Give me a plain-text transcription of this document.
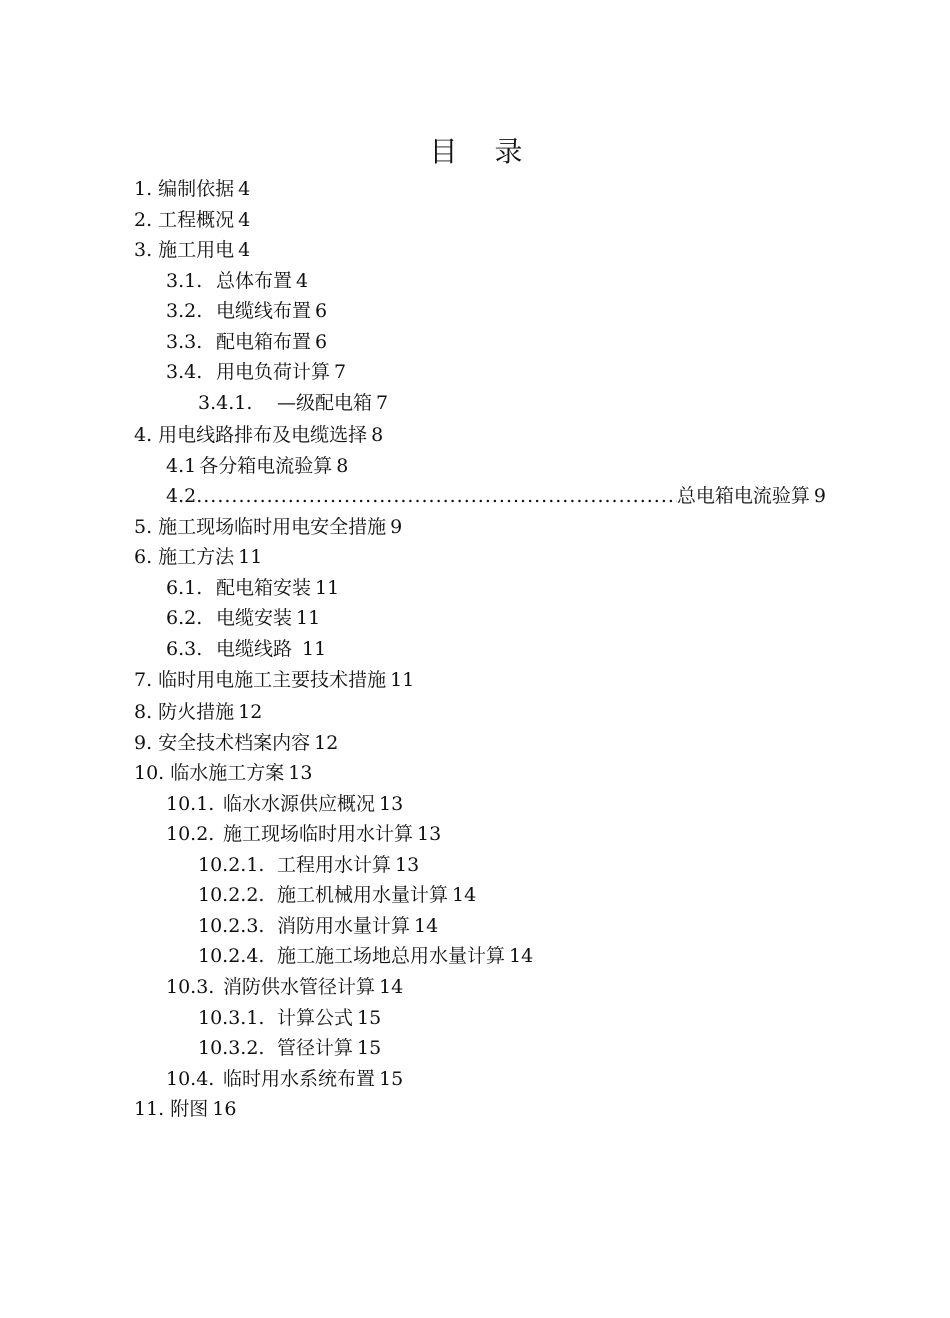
目 录
1. 编制依据 4
2. 工程概况 4
3. 施工用电 4
3.1. 总体布置 4
3.2. 电缆线布置 6
3.3. 配电箱布置 6
3.4. 用电负荷计算 7
3.4.1. —级配电箱 7
4. 用电线路排布及电缆选择 8
4.1 各分箱电流验算 8
4.2
.....	总电箱电流验算 9
5. 施工现场临时用电安全措施 9
6. 施工方法 11
6.1. 配电箱安装 11
6.2. 电缆安装 11
6.3. 电缆线路 11
7. 临时用电施工主要技术措施 11
8. 防火措施 12
9. 安全技术档案内容 12
10. 临水施工方案 13
10.1. 临水水源供应概况 13
10.2. 施工现场临时用水计算 13
10.2.1. 工程用水计算 13
10.2.2. 施工机械用水量计算 14
10.2.3. 消防用水量计算 14
10.2.4. 施工施工场地总用水量计算 14
10.3. 消防供水管径计算 14
10.3.1. 计算公式 15
10.3.2. 管径计算 15
10.4. 临时用水系统布置 15
11. 附图 16
